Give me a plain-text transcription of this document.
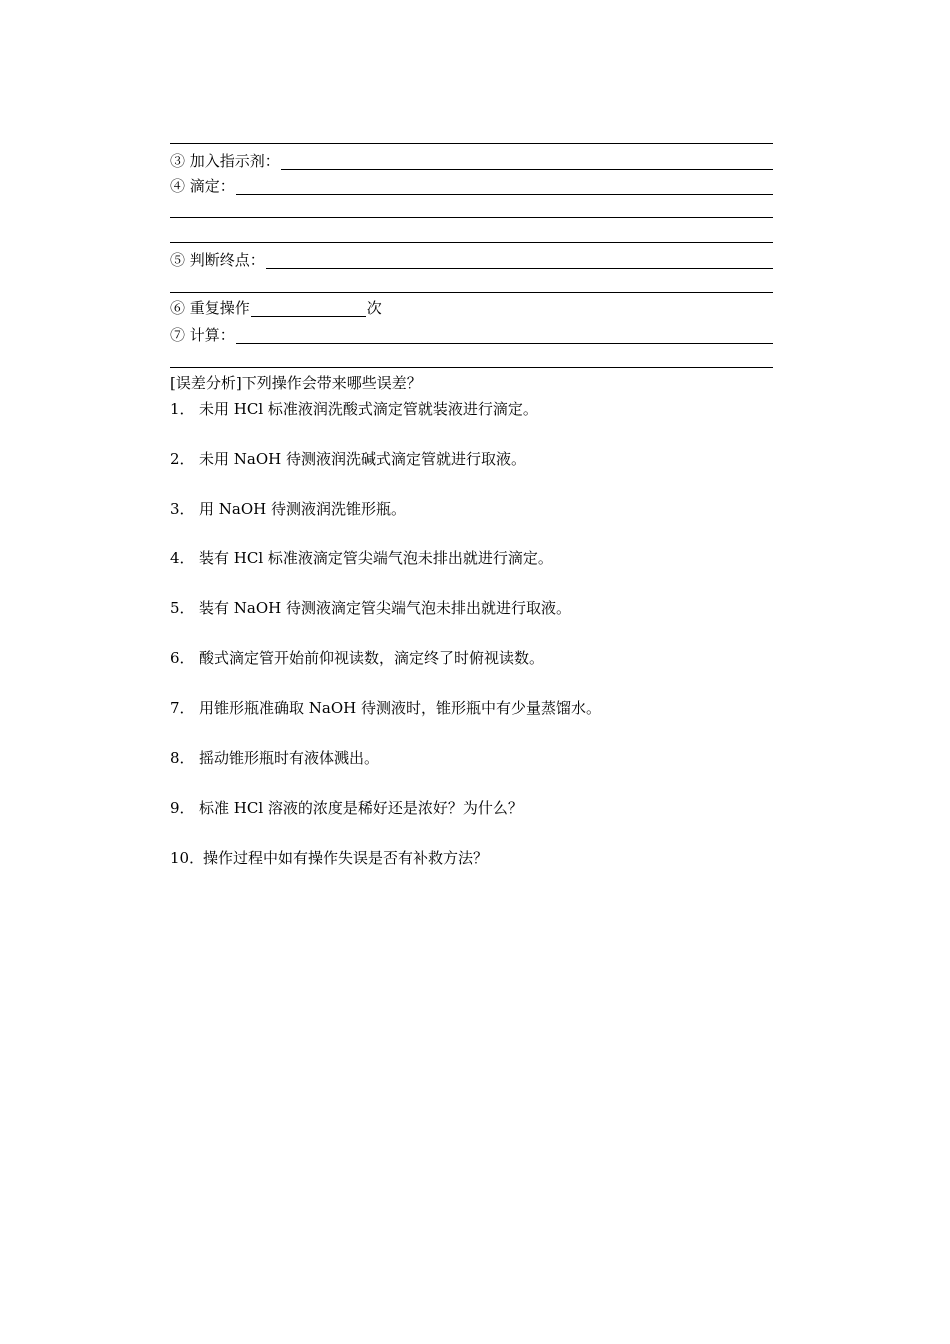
③ 加入指示剂：
④ 滴定：
⑤ 判断终点：
⑥ 重复操作	次
⑦ 计算：
[误差分析]下列操作会带来哪些误差？
1． 未用 HCl 标准液润洗酸式滴定管就装液进行滴定。
2． 未用 NaOH 待测液润洗碱式滴定管就进行取液。
3． 用 NaOH 待测液润洗锥形瓶。
4． 装有 HCl 标准液滴定管尖端气泡未排出就进行滴定。
5． 装有 NaOH 待测液滴定管尖端气泡未排出就进行取液。
6． 酸式滴定管开始前仰视读数，滴定终了时俯视读数。
7． 用锥形瓶准确取 NaOH 待测液时，锥形瓶中有少量蒸馏水。
8． 摇动锥形瓶时有液体溅出。
9． 标准 HCl 溶液的浓度是稀好还是浓好？为什么？
10．操作过程中如有操作失误是否有补救方法？
